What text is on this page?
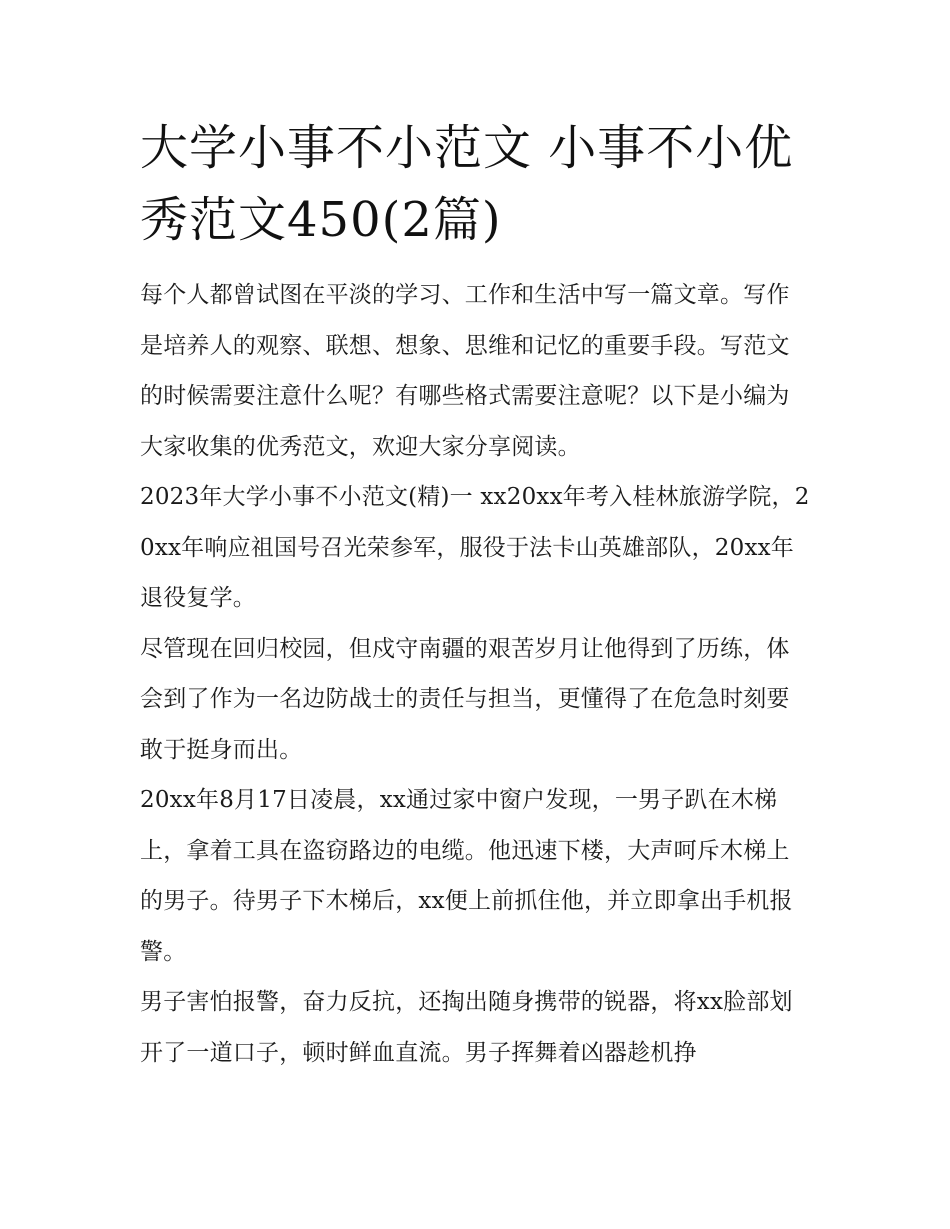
大学小事不小范文 小事不小优秀范文450(2篇)

每个人都曾试图在平淡的学习、工作和生活中写一篇文章。写作是培养人的观察、联想、想象、思维和记忆的重要手段。写范文的时候需要注意什么呢？有哪些格式需要注意呢？以下是小编为大家收集的优秀范文，欢迎大家分享阅读。

2023年大学小事不小范文(精)一 xx20xx年考入桂林旅游学院，20xx年响应祖国号召光荣参军，服役于法卡山英雄部队，20xx年退役复学。

尽管现在回归校园，但戍守南疆的艰苦岁月让他得到了历练，体会到了作为一名边防战士的责任与担当，更懂得了在危急时刻要敢于挺身而出。

20xx年8月17日凌晨，xx通过家中窗户发现，一男子趴在木梯上，拿着工具在盗窃路边的电缆。他迅速下楼，大声呵斥木梯上的男子。待男子下木梯后，xx便上前抓住他，并立即拿出手机报警。

男子害怕报警，奋力反抗，还掏出随身携带的锐器，将xx脸部划开了一道口子，顿时鲜血直流。男子挥舞着凶器趁机挣
